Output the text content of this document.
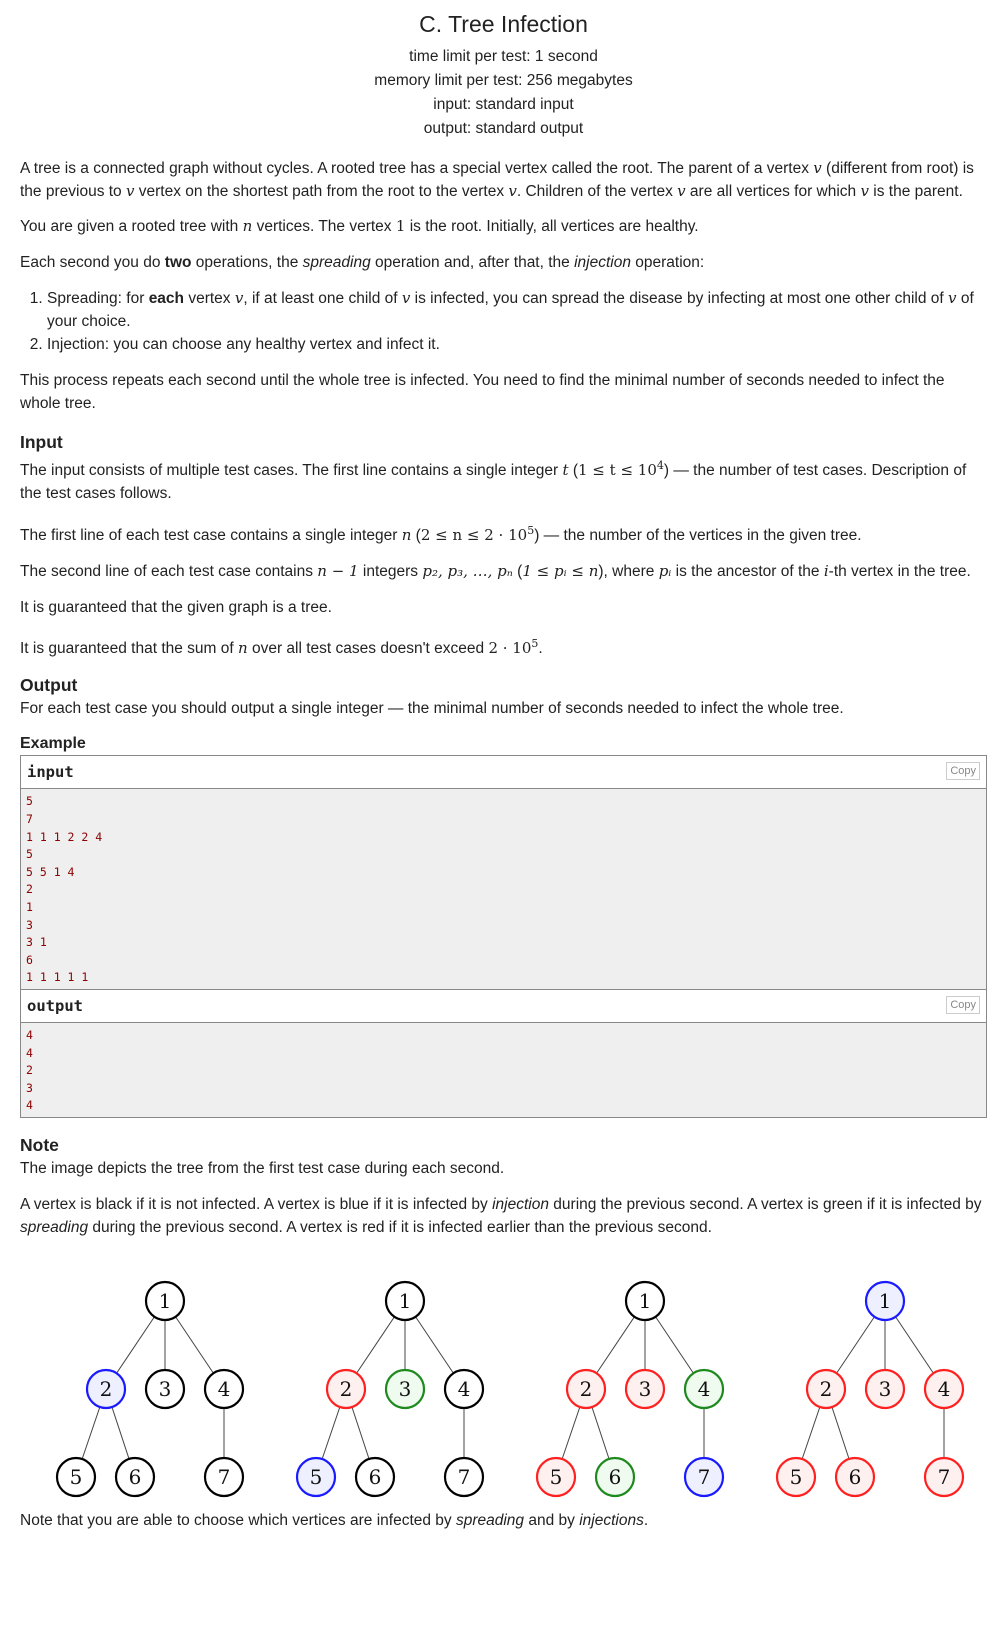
C. Tree Infection
time limit per test: 1 second
memory limit per test: 256 megabytes
input: standard input
output: standard output

A tree is a connected graph without cycles. A rooted tree has a special vertex called the root. The parent of a vertex v (different from root) is the previous to v vertex on the shortest path from the root to the vertex v. Children of the vertex v are all vertices for which v is the parent.

You are given a rooted tree with n vertices. The vertex 1 is the root. Initially, all vertices are healthy.

Each second you do two operations, the spreading operation and, after that, the injection operation:

1. Spreading: for each vertex v, if at least one child of v is infected, you can spread the disease by infecting at most one other child of v of your choice.
2. Injection: you can choose any healthy vertex and infect it.

This process repeats each second until the whole tree is infected. You need to find the minimal number of seconds needed to infect the whole tree.

Input

The input consists of multiple test cases. The first line contains a single integer t $(1 \le t \le 10^4)$ — the number of test cases. Description of the test cases follows.

The first line of each test case contains a single integer n $(2 \le n \le 2 \cdot 10^5)$ — the number of the vertices in the given tree.

The second line of each test case contains n − 1 integers p₂, p₃, …, pₙ (1 ≤ pᵢ ≤ n), where pᵢ is the ancestor of the i-th vertex in the tree.

It is guaranteed that the given graph is a tree.

It is guaranteed that the sum of n over all test cases doesn't exceed $2 \cdot 10^5$.

Output

For each test case you should output a single integer — the minimal number of seconds needed to infect the whole tree.

Example
input	Copy
5
7
1 1 1 2 2 4
5
5 5 1 4
2
1
3
3 1
6
1 1 1 1 1
output	Copy
4
4
2
3
4
Note

The image depicts the tree from the first test case during each second.

A vertex is black if it is not infected. A vertex is blue if it is infected by injection during the previous second. A vertex is green if it is infected by spreading during the previous second. A vertex is red if it is infected earlier than the previous second.

1
2 3 4
5 6	7
1
2 3 4
5 6	7
1
2 3 4
5 6	7
1
2 3 4
5 6	7

Note that you are able to choose which vertices are infected by spreading and by injections.
